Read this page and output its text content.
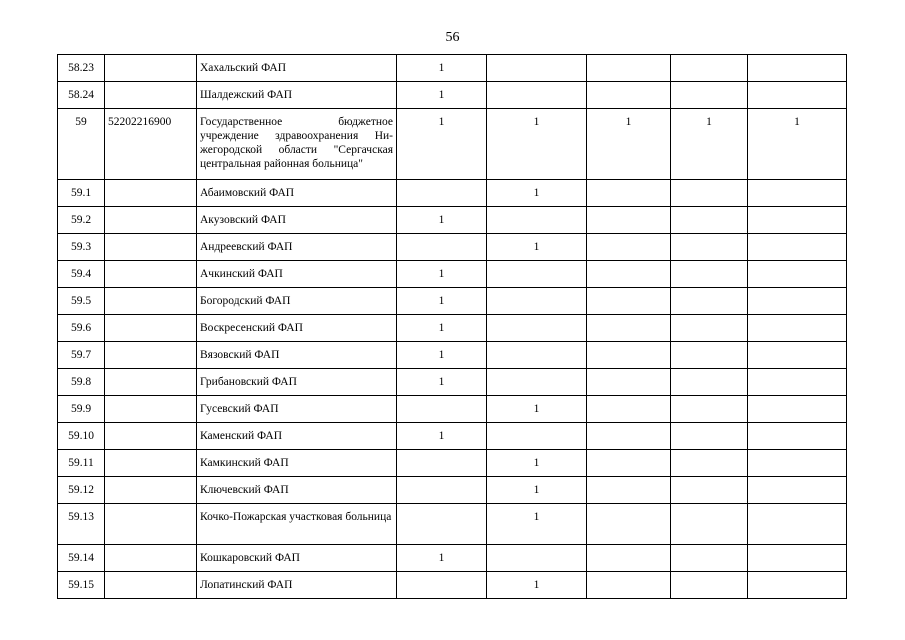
56
58.23		Хахальский ФАП	1				
58.24		Шалдежский ФАП	1				
59	52202216900	Государственное бюджетное учреждение здравоохранения Ни-жегородской области "Сергачская центральная районная больница"	1	1	1	1	1
59.1		Абаимовский ФАП		1			
59.2		Акузовский ФАП	1				
59.3		Андреевский ФАП		1			
59.4		Ачкинский ФАП	1				
59.5		Богородский ФАП	1				
59.6		Воскресенский ФАП	1				
59.7		Вязовский ФАП	1				
59.8		Грибановский ФАП	1				
59.9		Гусевский ФАП		1			
59.10		Каменский ФАП	1				
59.11		Камкинский ФАП		1			
59.12		Ключевский ФАП		1			
59.13		Кочко-Пожарская участковая больница		1			
59.14		Кошкаровский ФАП	1				
59.15		Лопатинский ФАП		1			
